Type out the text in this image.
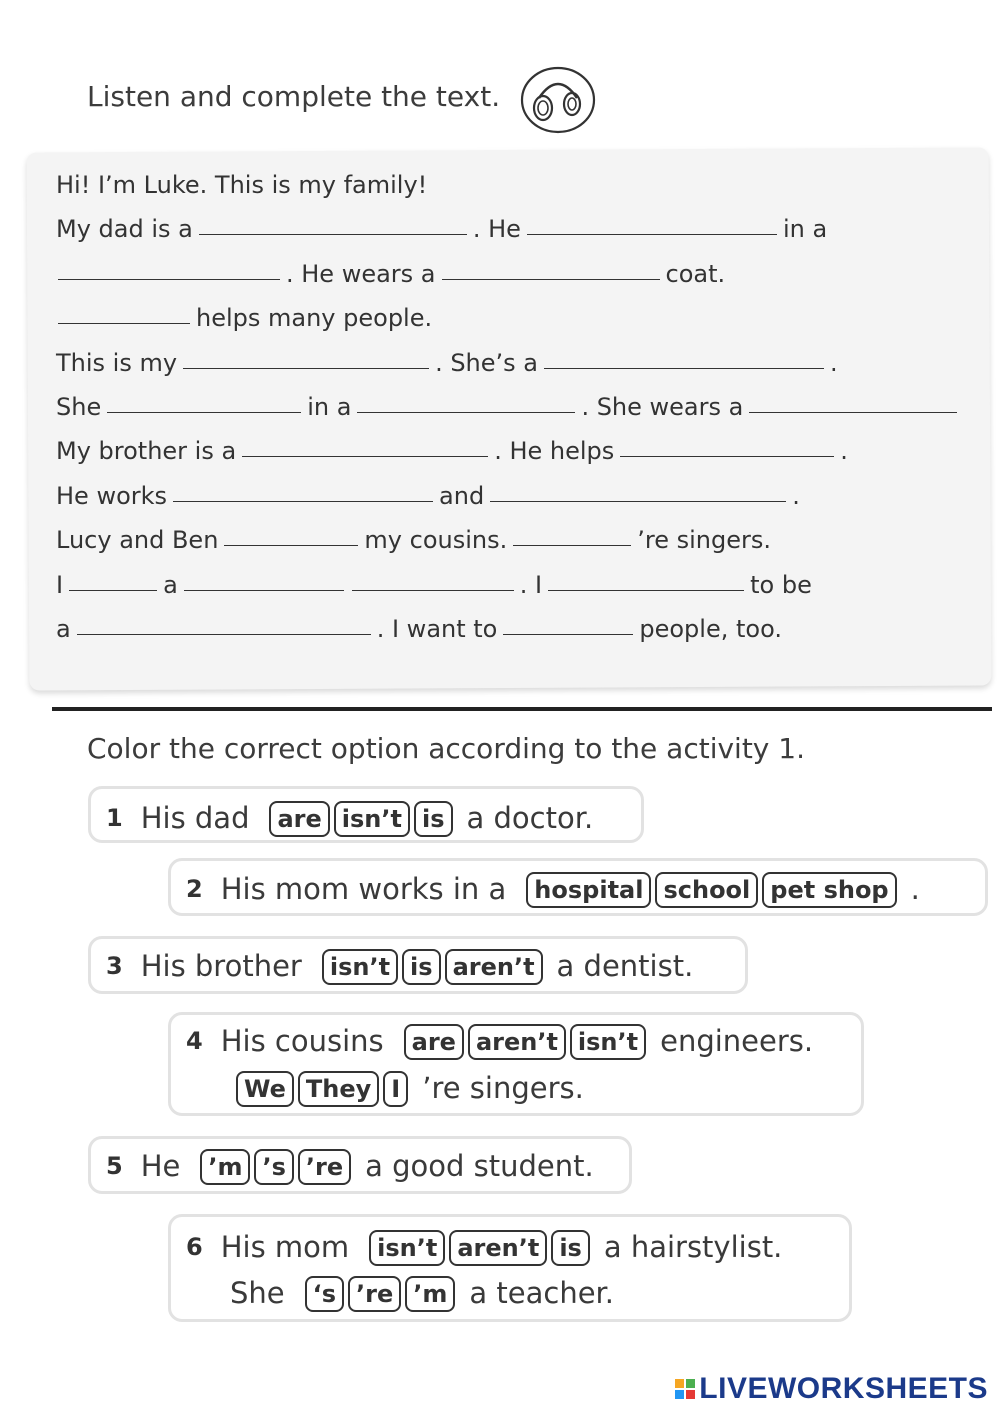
Listen and complete the text.
Hi! I’m Luke. This is my family!
My dad is a	. He	in a
. He wears a	coat.
helps many people.
This is my	. She’s a	.
She	in a	. She wears a
My brother is a	. He helps	.
He works	and	.
Lucy and Ben	my cousins.	’re singers.
I	a	. I	to be
a	. I want to	people, too.
Color the correct option according to the activity 1.
1 His dad	are isn’t is a doctor.
2 His mom works in a	hospital school pet shop .
3 His brother	isn’t is aren’t a dentist.
4 His cousins	are aren’t isn’t engineers.
We They I ’re singers.
5 He	’m ’s ’re a good student.
6 His mom	isn’t aren’t is a hairstylist.
She	‘s ’re ’m a teacher.
LIVEWORKSHEETS
